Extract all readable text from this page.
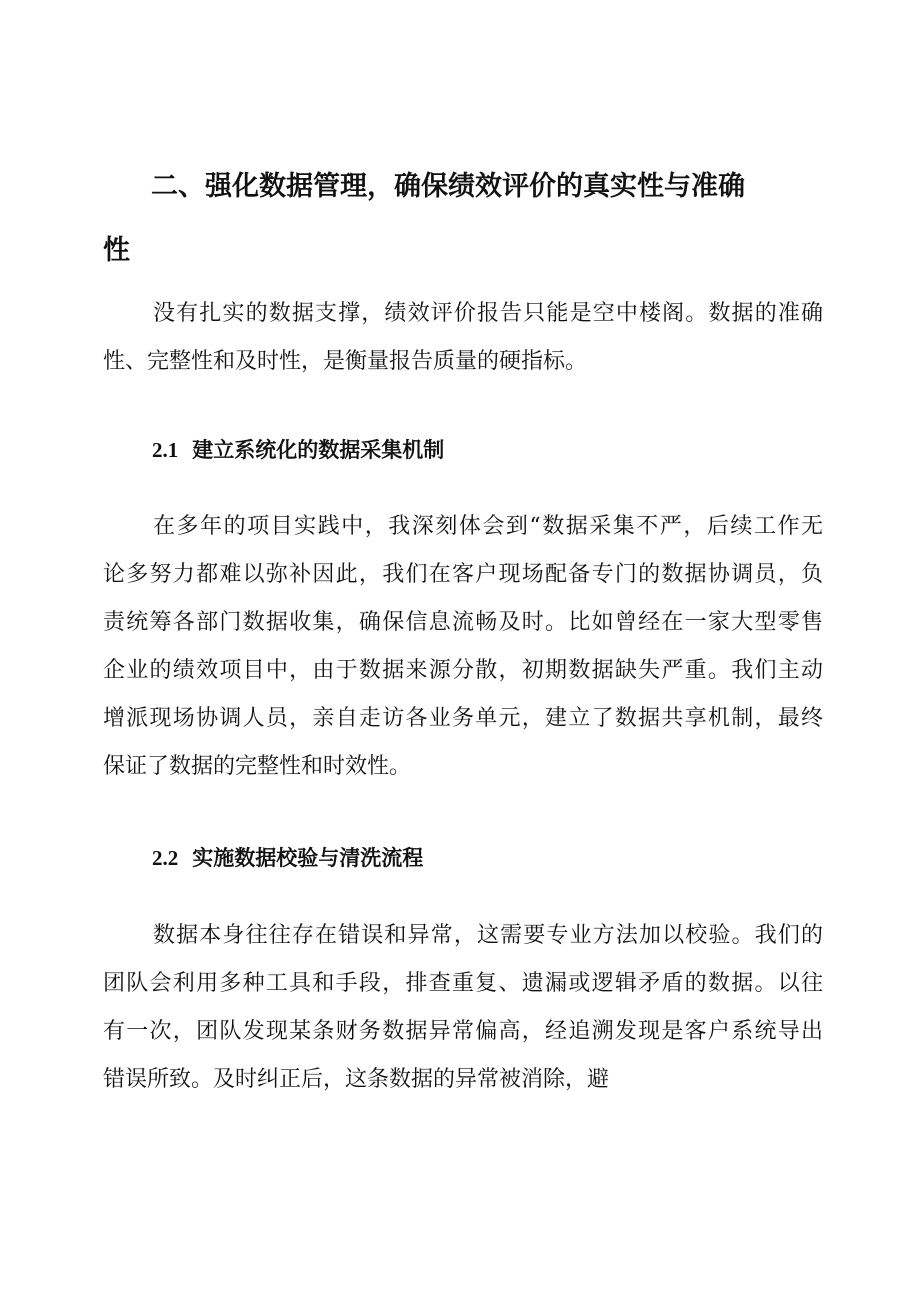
二、强化数据管理，确保绩效评价的真实性与准确
性
没有扎实的数据支撑，绩效评价报告只能是空中楼阁。数据的准确
性、完整性和及时性，是衡量报告质量的硬指标。
2.1 建立系统化的数据采集机制
在多年的项目实践中，我深刻体会到“数据采集不严，后续工作无
论多努力都难以弥补因此，我们在客户现场配备专门的数据协调员，负
责统筹各部门数据收集，确保信息流畅及时。比如曾经在一家大型零售
企业的绩效项目中，由于数据来源分散，初期数据缺失严重。我们主动
增派现场协调人员，亲自走访各业务单元，建立了数据共享机制，最终
保证了数据的完整性和时效性。
2.2 实施数据校验与清洗流程
数据本身往往存在错误和异常，这需要专业方法加以校验。我们的
团队会利用多种工具和手段，排查重复、遗漏或逻辑矛盾的数据。以往
有一次，团队发现某条财务数据异常偏高，经追溯发现是客户系统导出
错误所致。及时纠正后，这条数据的异常被消除，避
